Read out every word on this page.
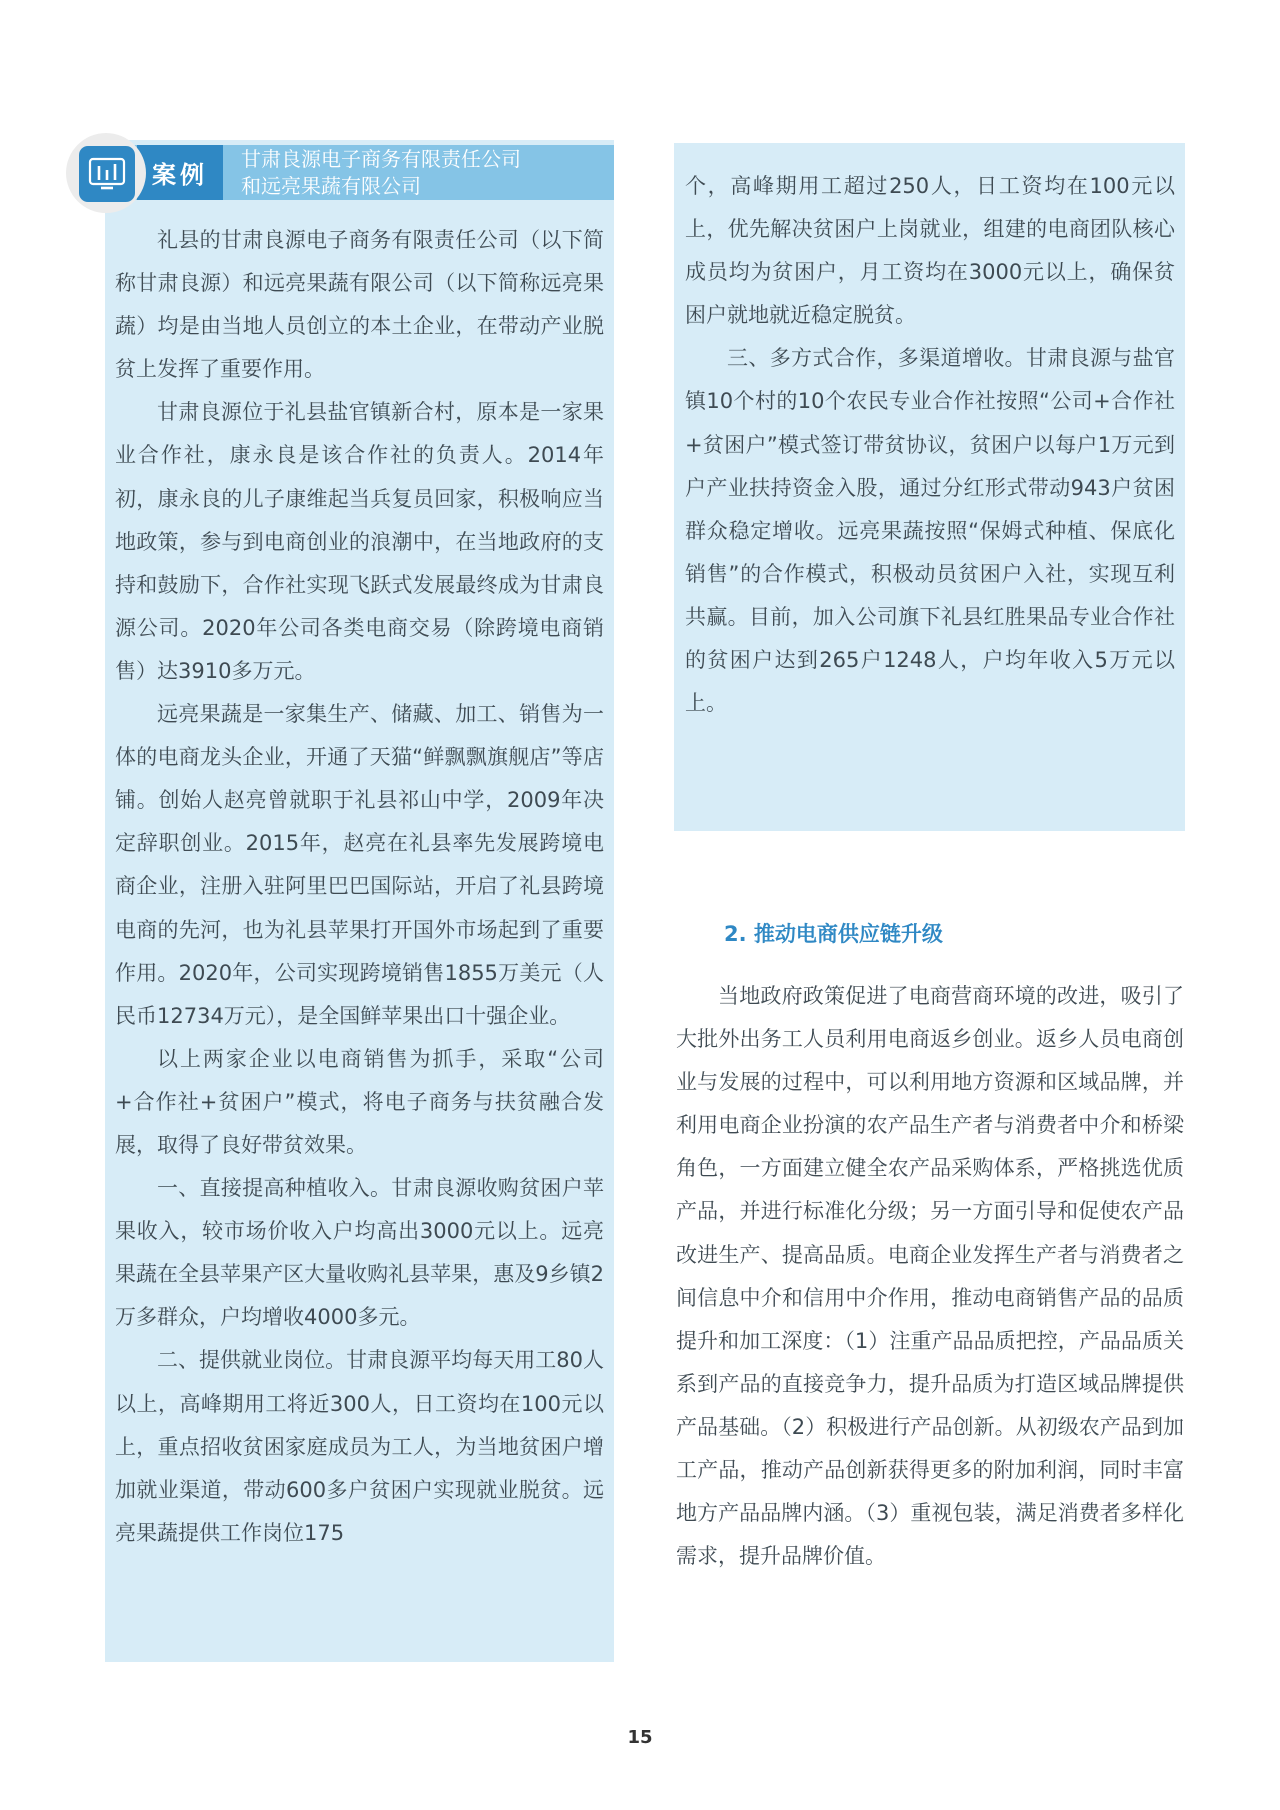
案例
甘肃良源电子商务有限责任公司
和远亮果蔬有限公司

礼县的甘肃良源电子商务有限责任公司（以下简称甘肃良源）和远亮果蔬有限公司（以下简称远亮果蔬）均是由当地人员创立的本土企业，在带动产业脱贫上发挥了重要作用。

甘肃良源位于礼县盐官镇新合村，原本是一家果业合作社，康永良是该合作社的负责人。2014年初，康永良的儿子康维起当兵复员回家，积极响应当地政策，参与到电商创业的浪潮中，在当地政府的支持和鼓励下，合作社实现飞跃式发展最终成为甘肃良源公司。2020年公司各类电商交易（除跨境电商销售）达3910多万元。

远亮果蔬是一家集生产、储藏、加工、销售为一体的电商龙头企业，开通了天猫“鲜飘飘旗舰店”等店铺。创始人赵亮曾就职于礼县祁山中学，2009年决定辞职创业。2015年，赵亮在礼县率先发展跨境电商企业，注册入驻阿里巴巴国际站，开启了礼县跨境电商的先河，也为礼县苹果打开国外市场起到了重要作用。2020年，公司实现跨境销售1855万美元（人民币12734万元），是全国鲜苹果出口十强企业。

以上两家企业以电商销售为抓手，采取“公司+合作社+贫困户”模式，将电子商务与扶贫融合发展，取得了良好带贫效果。

一、直接提高种植收入。甘肃良源收购贫困户苹果收入，较市场价收入户均高出3000元以上。远亮果蔬在全县苹果产区大量收购礼县苹果，惠及9乡镇2万多群众，户均增收4000多元。

二、提供就业岗位。甘肃良源平均每天用工80人以上，高峰期用工将近300人，日工资均在100元以上，重点招收贫困家庭成员为工人，为当地贫困户增加就业渠道，带动600多户贫困户实现就业脱贫。远亮果蔬提供工作岗位175

个，高峰期用工超过250人，日工资均在100元以上，优先解决贫困户上岗就业，组建的电商团队核心成员均为贫困户，月工资均在3000元以上，确保贫困户就地就近稳定脱贫。

三、多方式合作，多渠道增收。甘肃良源与盐官镇10个村的10个农民专业合作社按照“公司+合作社+贫困户”模式签订带贫协议，贫困户以每户1万元到户产业扶持资金入股，通过分红形式带动943户贫困群众稳定增收。远亮果蔬按照“保姆式种植、保底化销售”的合作模式，积极动员贫困户入社，实现互利共赢。目前，加入公司旗下礼县红胜果品专业合作社的贫困户达到265户1248人，户均年收入5万元以上。

2. 推动电商供应链升级

当地政府政策促进了电商营商环境的改进，吸引了大批外出务工人员利用电商返乡创业。返乡人员电商创业与发展的过程中，可以利用地方资源和区域品牌，并利用电商企业扮演的农产品生产者与消费者中介和桥梁角色，一方面建立健全农产品采购体系，严格挑选优质产品，并进行标准化分级；另一方面引导和促使农产品改进生产、提高品质。电商企业发挥生产者与消费者之间信息中介和信用中介作用，推动电商销售产品的品质提升和加工深度：（1）注重产品品质把控，产品品质关系到产品的直接竞争力，提升品质为打造区域品牌提供产品基础。（2）积极进行产品创新。从初级农产品到加工产品，推动产品创新获得更多的附加利润，同时丰富地方产品品牌内涵。（3）重视包装，满足消费者多样化需求，提升品牌价值。

15
